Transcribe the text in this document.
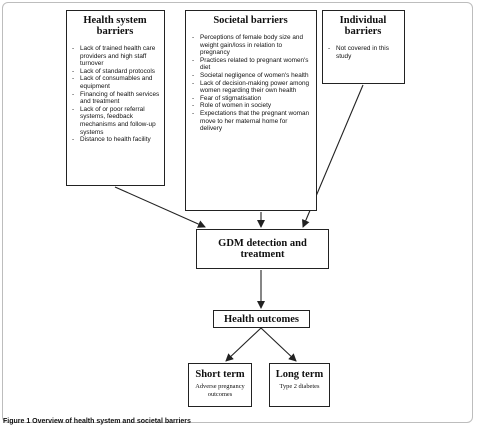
Health system barriers
- Lack of trained health care providers and high staff turnover
- Lack of standard protocols
- Lack of consumables and equipment
- Financing of health services and treatment
- Lack of or poor referral systems, feedback mechanisms and follow-up systems
- Distance to health facility
Societal barriers
- Perceptions of female body size and weight gain/loss in relation to pregnancy
- Practices related to pregnant women's diet
- Societal negligence of women's health
- Lack of decision-making power among women regarding their own health
- Fear of stigmatisation
- Role of women in society
- Expectations that the pregnant woman move to her maternal home for delivery
Individual barriers
- Not covered in this study
GDM detection and treatment
Health outcomes
Short term
Adverse pregnancy outcomes
Long term
Type 2 diabetes
Figure 1 Overview of health system and societal barriers
